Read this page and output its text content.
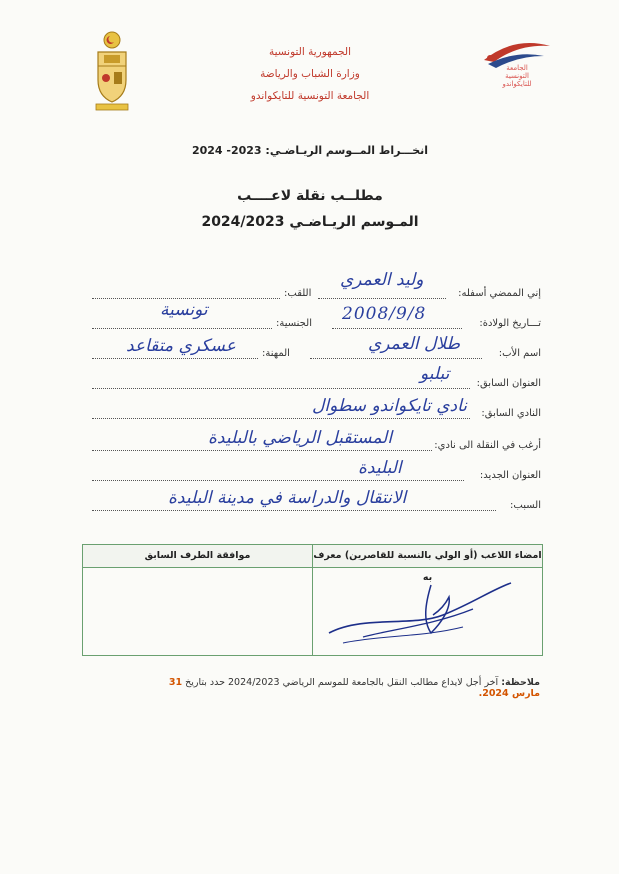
الجمهورية التونسية
وزارة الشباب والرياضة
الجامعة التونسية للتايكواندو
الجامعة
التونسية
للتايكواندو
انخـــراط المــوسم الريـاضـي: 2023- 2024
مطلــب نقلة لاعــــب
المـوسم الريـاضـي 2024/2023
إني الممضي أسفله:
وليد العمري
اللقب:
تـــاريخ الولادة:
2008/9/8
الجنسية:
تونسية
اسم الأب:
طلال العمري
المهنة:
عسكري متقاعد
العنوان السابق:
تبلبو
النادي السابق:
نادي تايكواندو سطوال
أرغب في النقلة الى نادي:
المستقبل الرياضي بالبليدة
العنوان الجديد:
البليدة
السبب:
الانتقال والدراسة في مدينة البليدة
امضاء اللاعب (أو الولي بالنسبة للقاصرين) معرف به
موافقة الطرف السابق
ملاحظة: آخر أجل لايداع مطالب النقل بالجامعة للموسم الرياضي 2024/2023 حدد بتاريخ 31 مارس 2024.
